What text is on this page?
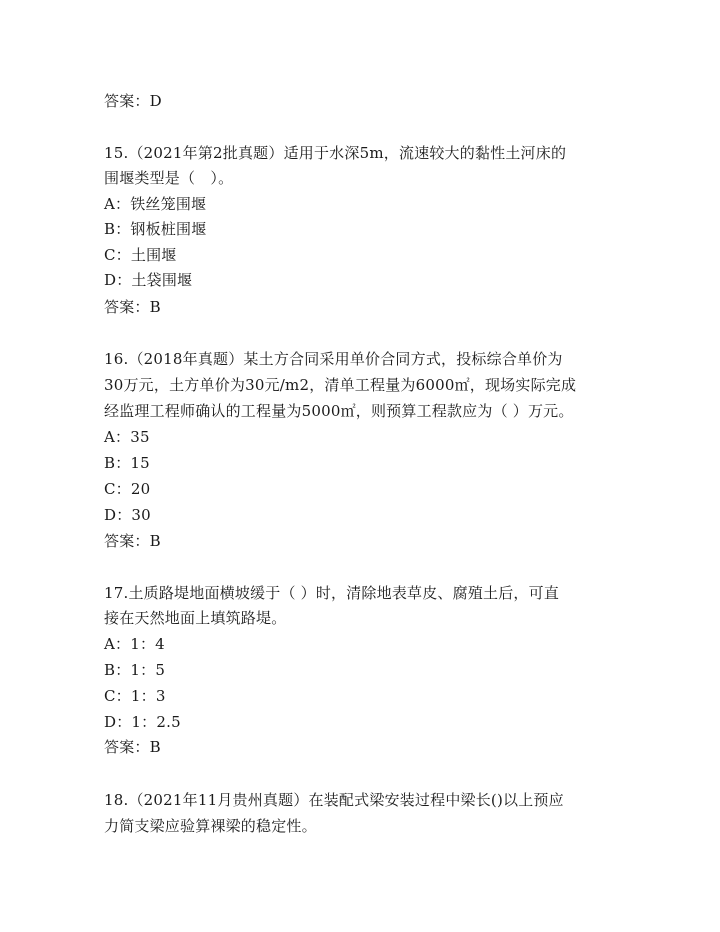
答案：D
15.（2021年第2批真题）适用于水深5m，流速较大的黏性土河床的
围堰类型是（　）。
A：铁丝笼围堰
B：钢板桩围堰
C：土围堰
D：土袋围堰
答案：B
16.（2018年真题）某土方合同采用单价合同方式，投标综合单价为
30万元，土方单价为30元/m2，清单工程量为6000㎡，现场实际完成
经监理工程师确认的工程量为5000㎡，则预算工程款应为（ ）万元。
A：35
B：15
C：20
D：30
答案：B
17.土质路堤地面横坡缓于（ ）时，清除地表草皮、腐殖土后，可直
接在天然地面上填筑路堤。
A：1：4
B：1：5
C：1：3
D：1：2.5
答案：B
18.（2021年11月贵州真题）在装配式梁安装过程中梁长()以上预应
力简支梁应验算裸梁的稳定性。
